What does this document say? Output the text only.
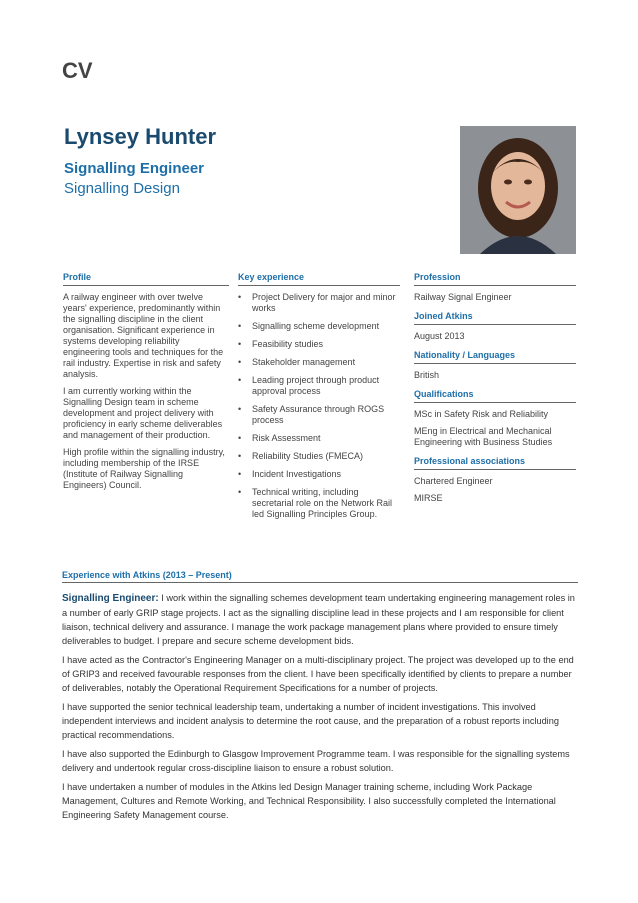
CV
Lynsey Hunter
Signalling Engineer
Signalling Design
Profile

A railway engineer with over twelve years' experience, predominantly within the signalling discipline in the client organisation. Significant experience in systems developing reliability engineering tools and techniques for the rail industry. Expertise in risk and safety analysis.

I am currently working within the Signalling Design team in scheme development and project delivery with proficiency in early scheme deliverables and management of their production.

High profile within the signalling industry, including membership of the IRSE (Institute of Railway Signalling Engineers) Council.

Key experience
• Project Delivery for major and minor works
• Signalling scheme development
• Feasibility studies
• Stakeholder management
• Leading project through product approval process
• Safety Assurance through ROGS process
• Risk Assessment
• Reliability Studies (FMECA)
• Incident Investigations
• Technical writing, including secretarial role on the Network Rail led Signalling Principles Group.
Profession

Railway Signal Engineer

Joined Atkins

August 2013

Nationality / Languages

British

Qualifications

MSc in Safety Risk and Reliability

MEng in Electrical and Mechanical Engineering with Business Studies

Professional associations

Chartered Engineer

MIRSE

Experience with Atkins (2013 – Present)

Signalling Engineer: I work within the signalling schemes development team undertaking engineering management roles in a number of early GRIP stage projects. I act as the signalling discipline lead in these projects and I am responsible for client liaison, technical delivery and assurance. I manage the work package management plans where provided to ensure timely deliverables to budget. I prepare and secure scheme development bids.

I have acted as the Contractor's Engineering Manager on a multi-disciplinary project. The project was developed up to the end of GRIP3 and received favourable responses from the client. I have been specifically identified by clients to prepare a number of deliverables, notably the Operational Requirement Specifications for a number of projects.

I have supported the senior technical leadership team, undertaking a number of incident investigations. This involved independent interviews and incident analysis to determine the root cause, and the preparation of a robust reports including practical recommendations.

I have also supported the Edinburgh to Glasgow Improvement Programme team. I was responsible for the signalling systems delivery and undertook regular cross-discipline liaison to ensure a robust solution.

I have undertaken a number of modules in the Atkins led Design Manager training scheme, including Work Package Management, Cultures and Remote Working, and Technical Responsibility. I also successfully completed the International Engineering Safety Management course.
